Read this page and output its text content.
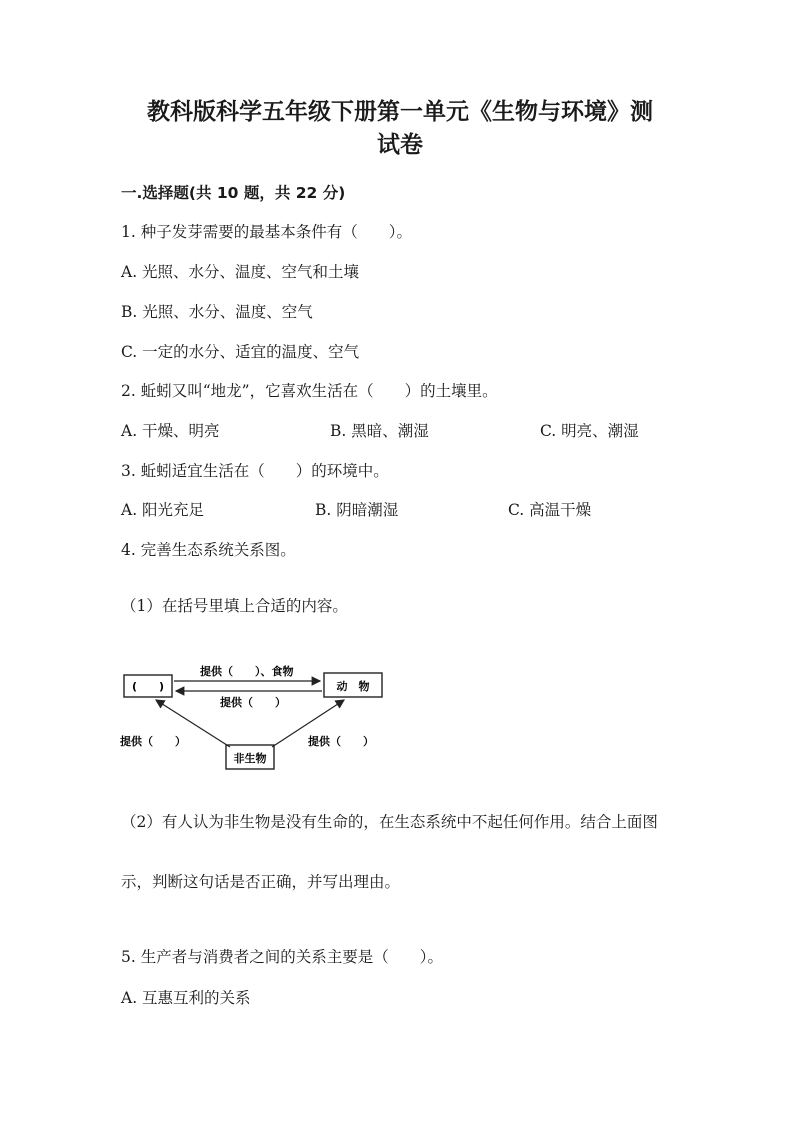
教科版科学五年级下册第一单元《生物与环境》测
试卷
一.选择题(共 10 题，共 22 分)
1. 种子发芽需要的最基本条件有（　　）。
A. 光照、水分、温度、空气和土壤
B. 光照、水分、温度、空气
C. 一定的水分、适宜的温度、空气
2. 蚯蚓又叫“地龙”，它喜欢生活在（　　）的土壤里。
A. 干燥、明亮	B. 黑暗、潮湿	C. 明亮、潮湿
3. 蚯蚓适宜生活在（　　）的环境中。
A. 阳光充足	B. 阴暗潮湿	C. 高温干燥
4. 完善生态系统关系图。
（1）在括号里填上合适的内容。
(　　)	动　物
非生物
提供（　　）、食物
提供（　　）
提供（　　）	提供（　　）
（2）有人认为非生物是没有生命的，在生态系统中不起任何作用。结合上面图
示，判断这句话是否正确，并写出理由。
5. 生产者与消费者之间的关系主要是（　　）。
A. 互惠互利的关系
